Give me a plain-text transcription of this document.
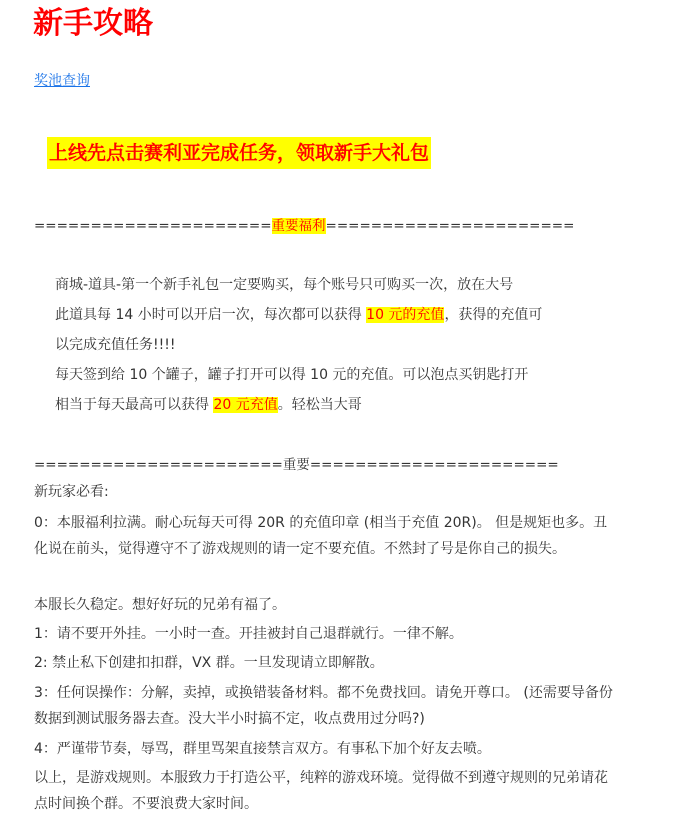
新手攻略
奖池查询
上线先点击赛利亚完成任务，领取新手大礼包
=====================重要福利======================
商城-道具-第一个新手礼包一定要购买，每个账号只可购买一次，放在大号
此道具每 14 小时可以开启一次，每次都可以获得 10 元的充值，获得的充值可
以完成充值任务!!!!
每天签到给 10 个罐子，罐子打开可以得 10 元的充值。可以泡点买钥匙打开
相当于每天最高可以获得 20 元充值。轻松当大哥
======================重要======================
新玩家必看:
0：本服福利拉满。耐心玩每天可得 20R 的充值印章 (相当于充值 20R)。 但是规矩也多。丑化说在前头，觉得遵守不了游戏规则的请一定不要充值。不然封了号是你自己的损失。
本服长久稳定。想好好玩的兄弟有福了。
1：请不要开外挂。一小时一查。开挂被封自己退群就行。一律不解。
2: 禁止私下创建扣扣群，VX 群。一旦发现请立即解散。
3：任何误操作：分解，卖掉，或换错装备材料。都不免费找回。请免开尊口。 (还需要导备份数据到测试服务器去查。没大半小时搞不定，收点费用过分吗?)
4：严谨带节奏，辱骂，群里骂架直接禁言双方。有事私下加个好友去喷。
以上，是游戏规则。本服致力于打造公平，纯粹的游戏环境。觉得做不到遵守规则的兄弟请花点时间换个群。不要浪费大家时间。
